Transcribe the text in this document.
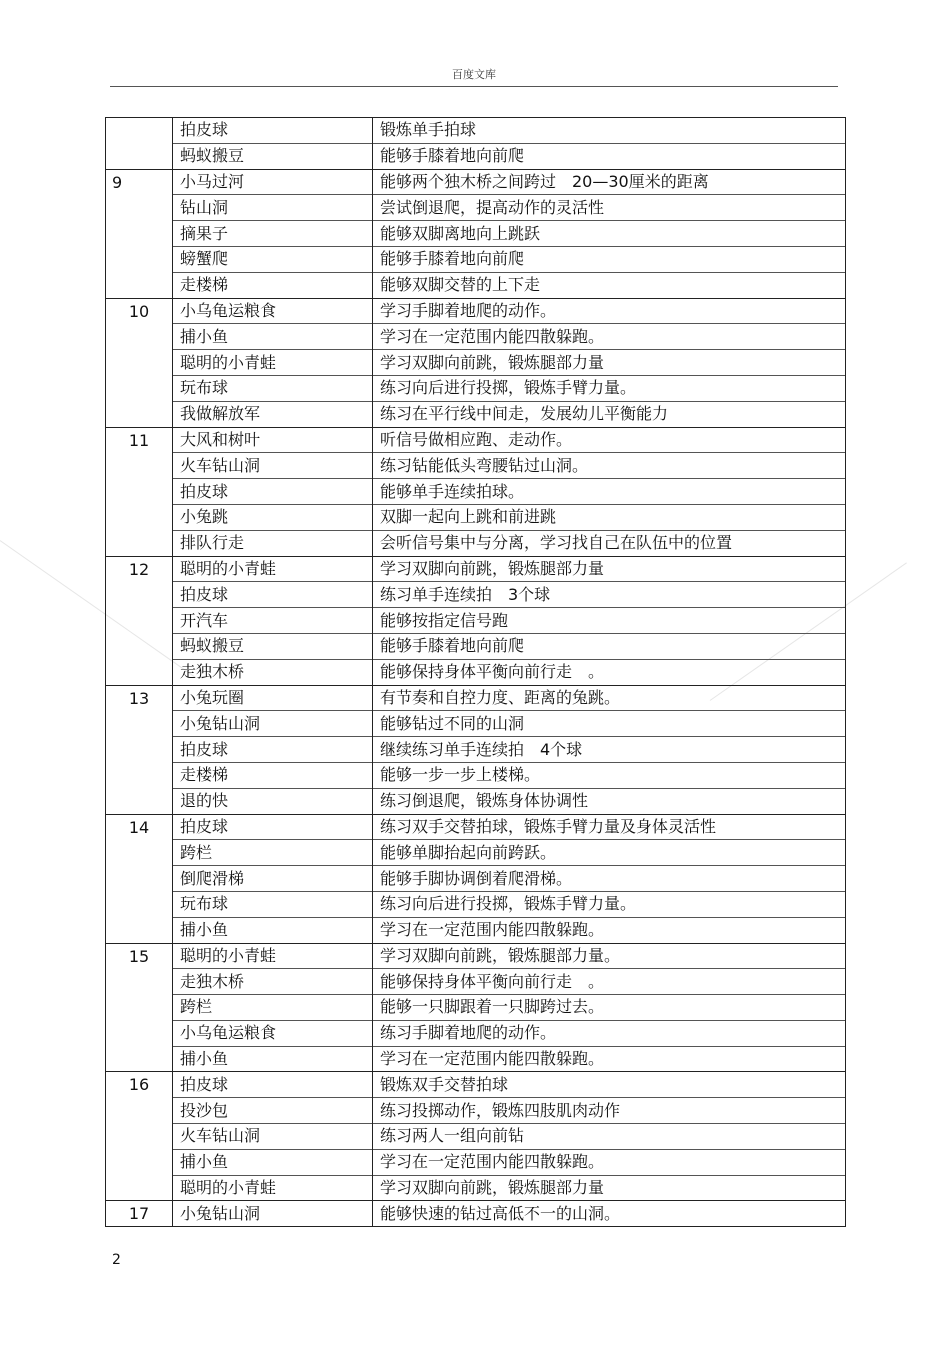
百度文库
	拍皮球	锻炼单手拍球
	蚂蚁搬豆	能够手膝着地向前爬

9	小马过河	能够两个独木桥之间跨过　20—30厘米的距离
	钻山洞	尝试倒退爬，提高动作的灵活性
	摘果子	能够双脚离地向上跳跃
	螃蟹爬	能够手膝着地向前爬
	走楼梯	能够双脚交替的上下走

10	小乌龟运粮食	学习手脚着地爬的动作。
	捕小鱼	学习在一定范围内能四散躲跑。
	聪明的小青蛙	学习双脚向前跳，锻炼腿部力量
	玩布球	练习向后进行投掷，锻炼手臂力量。
	我做解放军	练习在平行线中间走，发展幼儿平衡能力

11	大风和树叶	听信号做相应跑、走动作。
	火车钻山洞	练习钻能低头弯腰钻过山洞。
	拍皮球	能够单手连续拍球。
	小兔跳	双脚一起向上跳和前进跳
	排队行走	会听信号集中与分离，学习找自己在队伍中的位置

12	聪明的小青蛙	学习双脚向前跳，锻炼腿部力量
	拍皮球	练习单手连续拍　3个球
	开汽车	能够按指定信号跑
	蚂蚁搬豆	能够手膝着地向前爬
	走独木桥	能够保持身体平衡向前行走　。

13	小兔玩圈	有节奏和自控力度、距离的兔跳。
	小兔钻山洞	能够钻过不同的山洞
	拍皮球	继续练习单手连续拍　4个球
	走楼梯	能够一步一步上楼梯。
	退的快	练习倒退爬，锻炼身体协调性

14	拍皮球	练习双手交替拍球，锻炼手臂力量及身体灵活性
	跨栏	能够单脚抬起向前跨跃。
	倒爬滑梯	能够手脚协调倒着爬滑梯。
	玩布球	练习向后进行投掷，锻炼手臂力量。
	捕小鱼	学习在一定范围内能四散躲跑。

15	聪明的小青蛙	学习双脚向前跳，锻炼腿部力量。
	走独木桥	能够保持身体平衡向前行走　。
	跨栏	能够一只脚跟着一只脚跨过去。
	小乌龟运粮食	练习手脚着地爬的动作。
	捕小鱼	学习在一定范围内能四散躲跑。

16	拍皮球	锻炼双手交替拍球
	投沙包	练习投掷动作，锻炼四肢肌肉动作
	火车钻山洞	练习两人一组向前钻
	捕小鱼	学习在一定范围内能四散躲跑。
	聪明的小青蛙	学习双脚向前跳，锻炼腿部力量

17	小兔钻山洞	能够快速的钻过高低不一的山洞。
2
